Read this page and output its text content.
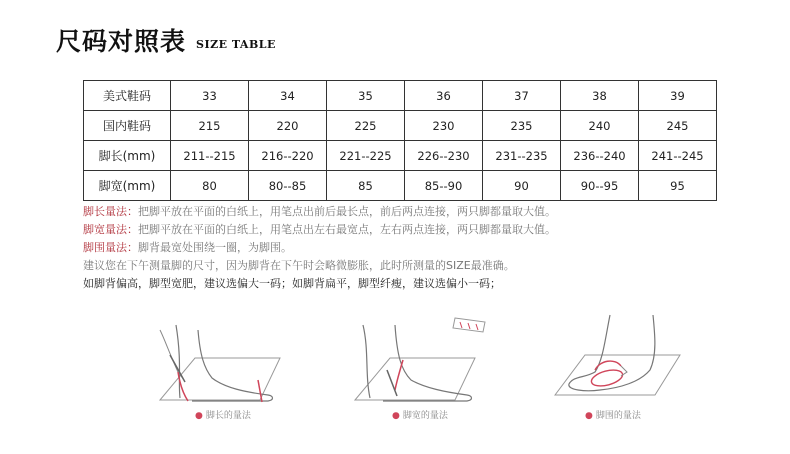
尺码对照表 SIZE TABLE
美式鞋码	33	34	35	36	37	38	39
国内鞋码	215	220	225	230	235	240	245
脚长(mm)	211--215	216--220	221--225	226--230	231--235	236--240	241--245
脚宽(mm)	80	80--85	85	85--90	90	90--95	95
脚长量法：把脚平放在平面的白纸上，用笔点出前后最长点，前后两点连接，两只脚都量取大值。
脚宽量法：把脚平放在平面的白纸上，用笔点出左右最宽点，左右两点连接，两只脚都量取大值。
脚围量法：脚背最宽处围绕一圈，为脚围。
建议您在下午测量脚的尺寸，因为脚背在下午时会略微膨胀，此时所测量的SIZE最准确。
如脚背偏高，脚型宽肥，建议选偏大一码；如脚背扁平，脚型纤瘦，建议选偏小一码；
● 脚长的量法	● 脚宽的量法	● 脚围的量法
